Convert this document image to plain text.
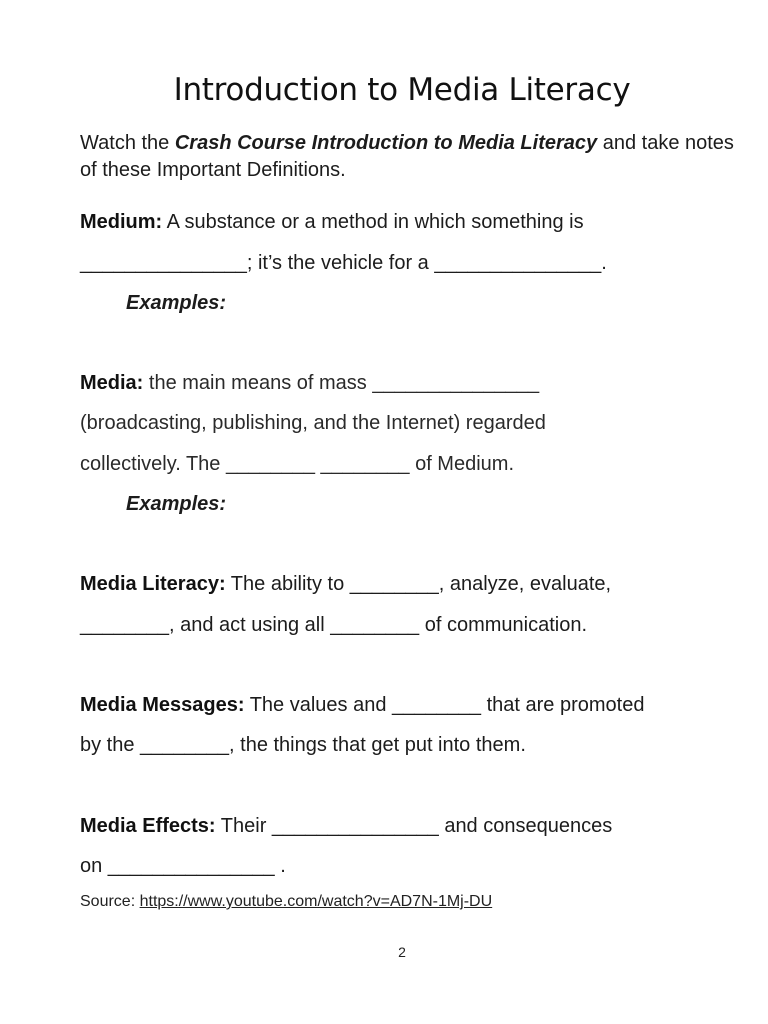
Introduction to Media Literacy
Watch the Crash Course Introduction to Media Literacy and take notes of these Important Definitions.
Medium: A substance or a method in which something is
_______________; it’s the vehicle for a _______________.
Examples:
Media: the main means of mass _______________
(broadcasting, publishing, and the Internet) regarded
collectively. The ________ ________ of Medium.
Examples:
Media Literacy: The ability to ________, analyze, evaluate,
________, and act using all ________ of communication.
Media Messages: The values and ________ that are promoted
by the ________, the things that get put into them.
Media Effects: Their _______________ and consequences
on _______________ .
Source: https://www.youtube.com/watch?v=AD7N-1Mj-DU
2
